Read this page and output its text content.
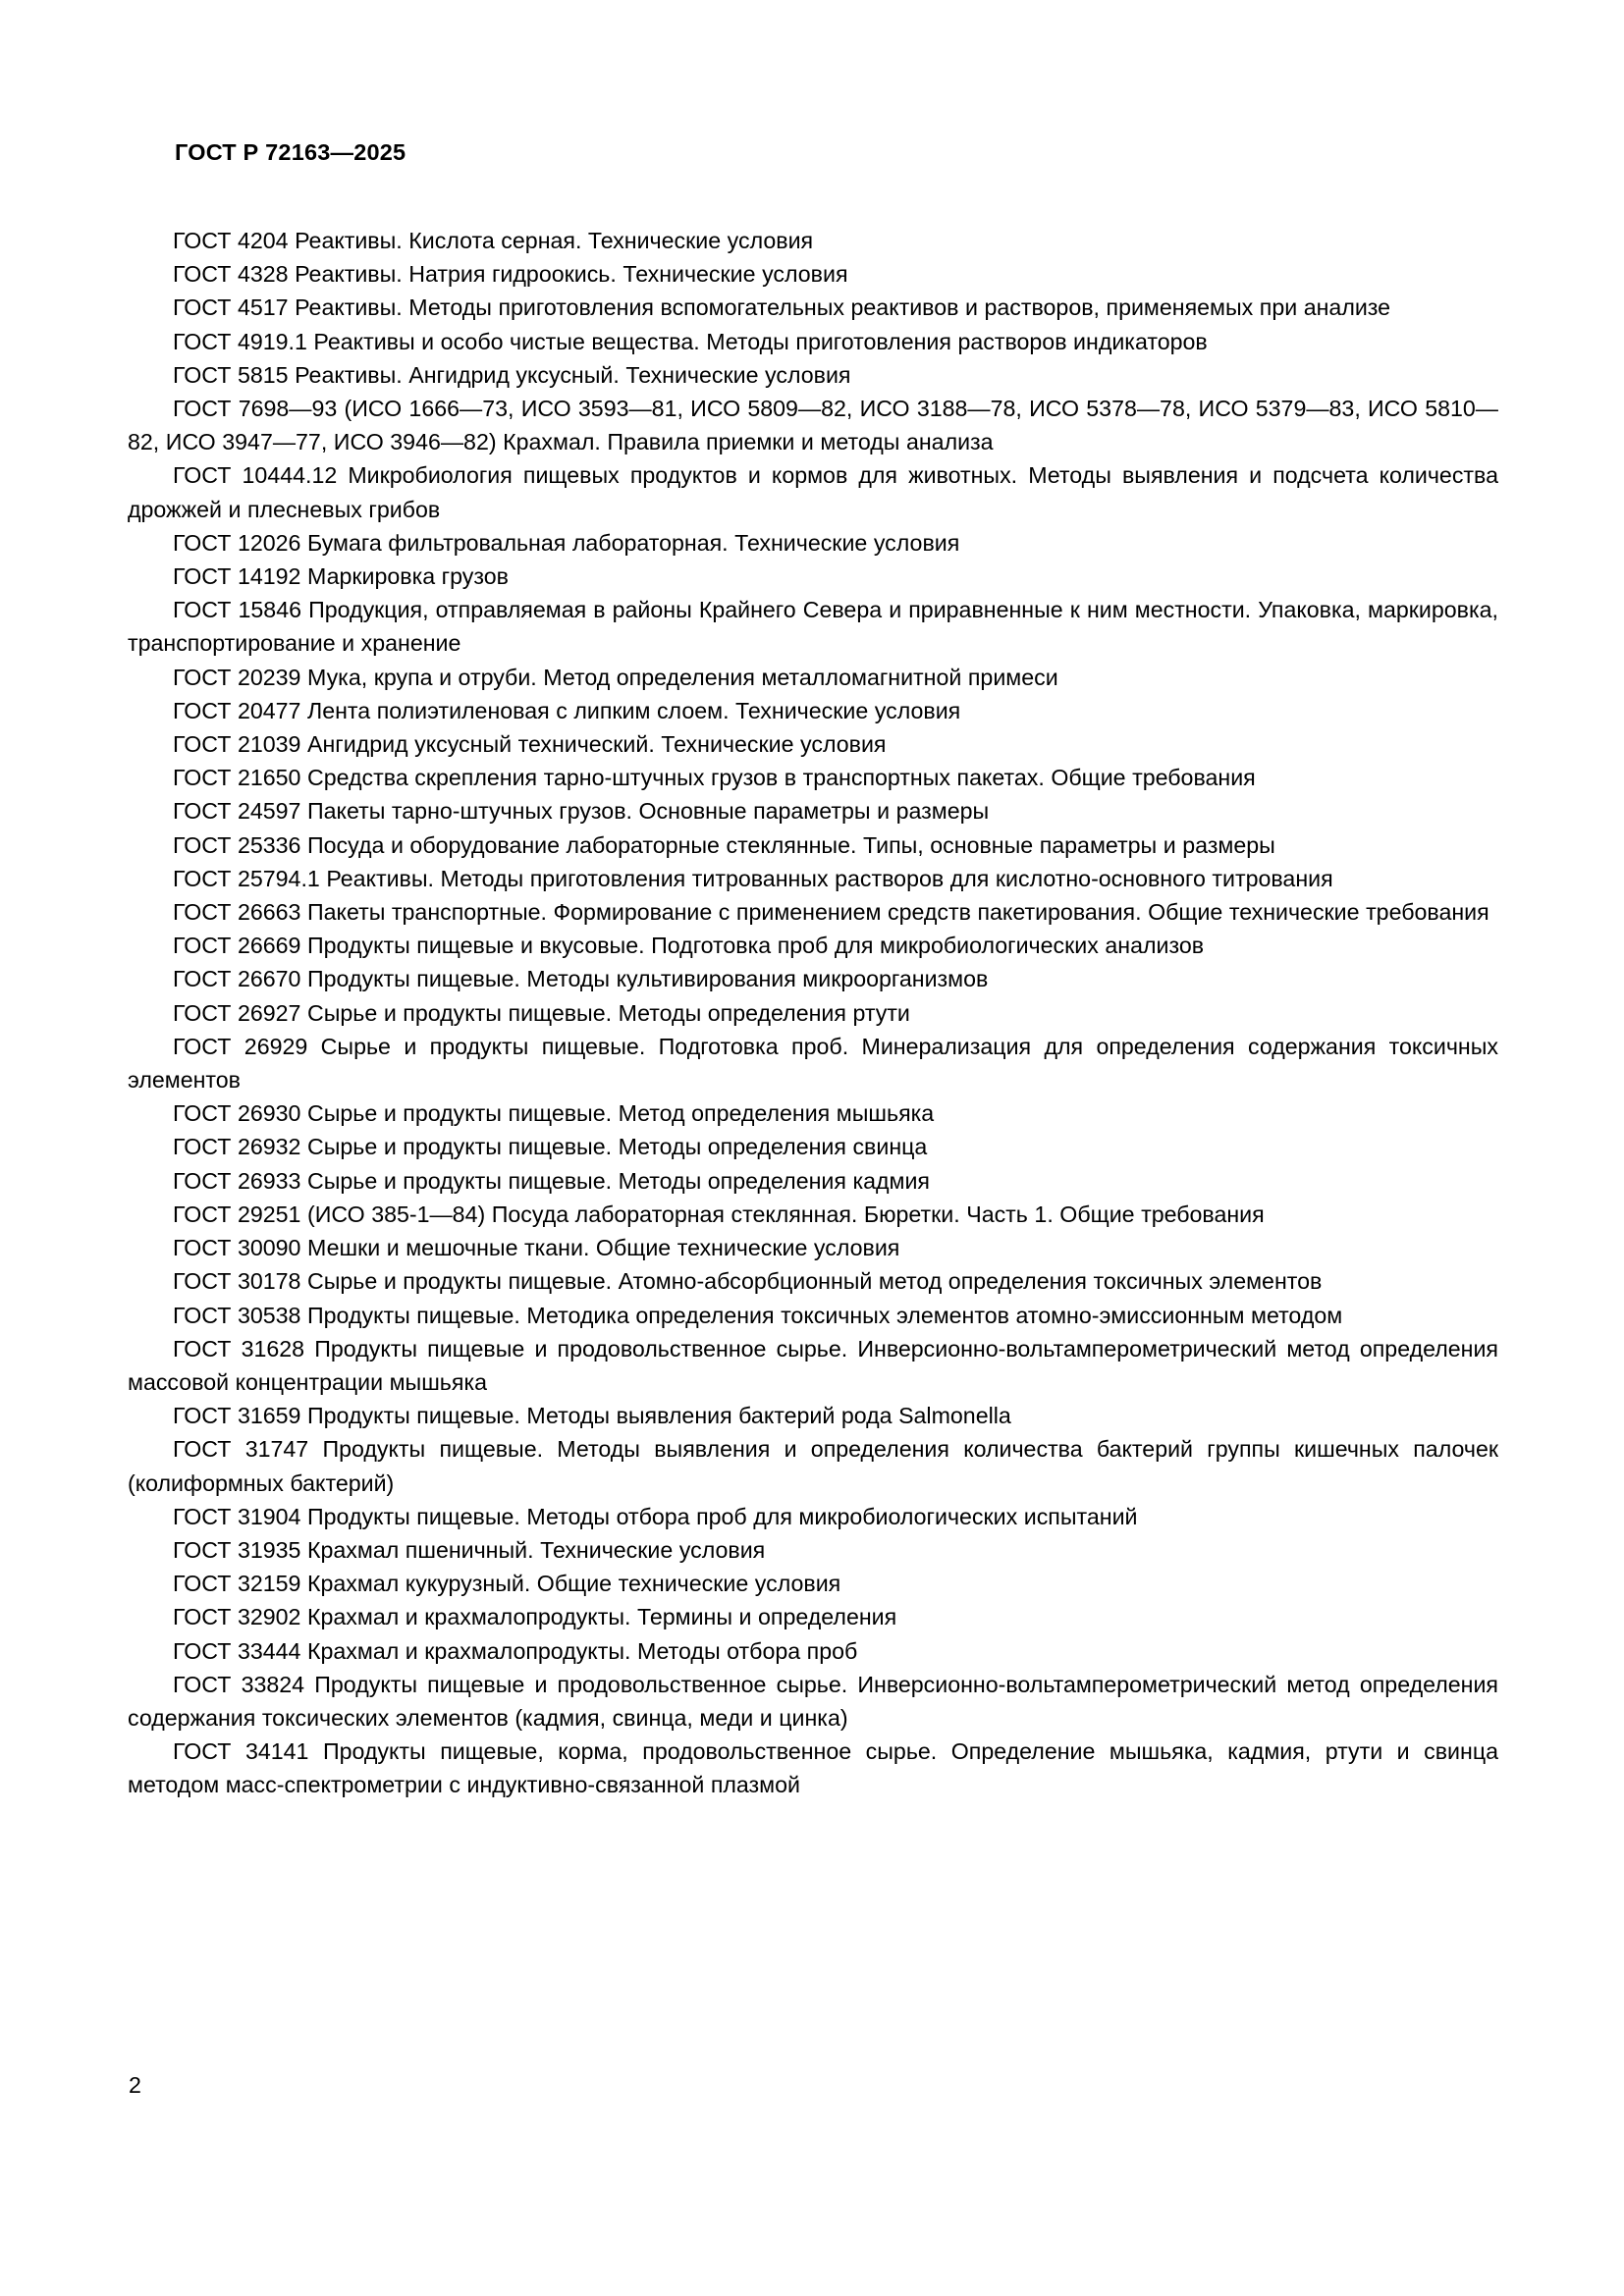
ГОСТ Р 72163—2025

ГОСТ 4204 Реактивы. Кислота серная. Технические условия

ГОСТ 4328 Реактивы. Натрия гидроокись. Технические условия

ГОСТ 4517 Реактивы. Методы приготовления вспомогательных реактивов и растворов, применяемых при анализе

ГОСТ 4919.1 Реактивы и особо чистые вещества. Методы приготовления растворов индикаторов

ГОСТ 5815 Реактивы. Ангидрид уксусный. Технические условия

ГОСТ 7698—93 (ИСО 1666—73, ИСО 3593—81, ИСО 5809—82, ИСО 3188—78, ИСО 5378—78, ИСО 5379—83, ИСО 5810—82, ИСО 3947—77, ИСО 3946—82) Крахмал. Правила приемки и методы анализа

ГОСТ 10444.12 Микробиология пищевых продуктов и кормов для животных. Методы выявления и подсчета количества дрожжей и плесневых грибов

ГОСТ 12026 Бумага фильтровальная лабораторная. Технические условия

ГОСТ 14192 Маркировка грузов

ГОСТ 15846 Продукция, отправляемая в районы Крайнего Севера и приравненные к ним местности. Упаковка, маркировка, транспортирование и хранение

ГОСТ 20239 Мука, крупа и отруби. Метод определения металломагнитной примеси

ГОСТ 20477 Лента полиэтиленовая с липким слоем. Технические условия

ГОСТ 21039 Ангидрид уксусный технический. Технические условия

ГОСТ 21650 Средства скрепления тарно-штучных грузов в транспортных пакетах. Общие требования

ГОСТ 24597 Пакеты тарно-штучных грузов. Основные параметры и размеры

ГОСТ 25336 Посуда и оборудование лабораторные стеклянные. Типы, основные параметры и размеры

ГОСТ 25794.1 Реактивы. Методы приготовления титрованных растворов для кислотно-основного титрования

ГОСТ 26663 Пакеты транспортные. Формирование с применением средств пакетирования. Общие технические требования

ГОСТ 26669 Продукты пищевые и вкусовые. Подготовка проб для микробиологических анализов

ГОСТ 26670 Продукты пищевые. Методы культивирования микроорганизмов

ГОСТ 26927 Сырье и продукты пищевые. Методы определения ртути

ГОСТ 26929 Сырье и продукты пищевые. Подготовка проб. Минерализация для определения содержания токсичных элементов

ГОСТ 26930 Сырье и продукты пищевые. Метод определения мышьяка

ГОСТ 26932 Сырье и продукты пищевые. Методы определения свинца

ГОСТ 26933 Сырье и продукты пищевые. Методы определения кадмия

ГОСТ 29251 (ИСО 385-1—84) Посуда лабораторная стеклянная. Бюретки. Часть 1. Общие требования

ГОСТ 30090 Мешки и мешочные ткани. Общие технические условия

ГОСТ 30178 Сырье и продукты пищевые. Атомно-абсорбционный метод определения токсичных элементов

ГОСТ 30538 Продукты пищевые. Методика определения токсичных элементов атомно-эмиссионным методом

ГОСТ 31628 Продукты пищевые и продовольственное сырье. Инверсионно-вольтамперометрический метод определения массовой концентрации мышьяка

ГОСТ 31659 Продукты пищевые. Методы выявления бактерий рода Salmonella

ГОСТ 31747 Продукты пищевые. Методы выявления и определения количества бактерий группы кишечных палочек (колиформных бактерий)

ГОСТ 31904 Продукты пищевые. Методы отбора проб для микробиологических испытаний

ГОСТ 31935 Крахмал пшеничный. Технические условия

ГОСТ 32159 Крахмал кукурузный. Общие технические условия

ГОСТ 32902 Крахмал и крахмалопродукты. Термины и определения

ГОСТ 33444 Крахмал и крахмалопродукты. Методы отбора проб

ГОСТ 33824 Продукты пищевые и продовольственное сырье. Инверсионно-вольтамперометрический метод определения содержания токсических элементов (кадмия, свинца, меди и цинка)

ГОСТ 34141 Продукты пищевые, корма, продовольственное сырье. Определение мышьяка, кадмия, ртути и свинца методом масс-спектрометрии с индуктивно-связанной плазмой

2
